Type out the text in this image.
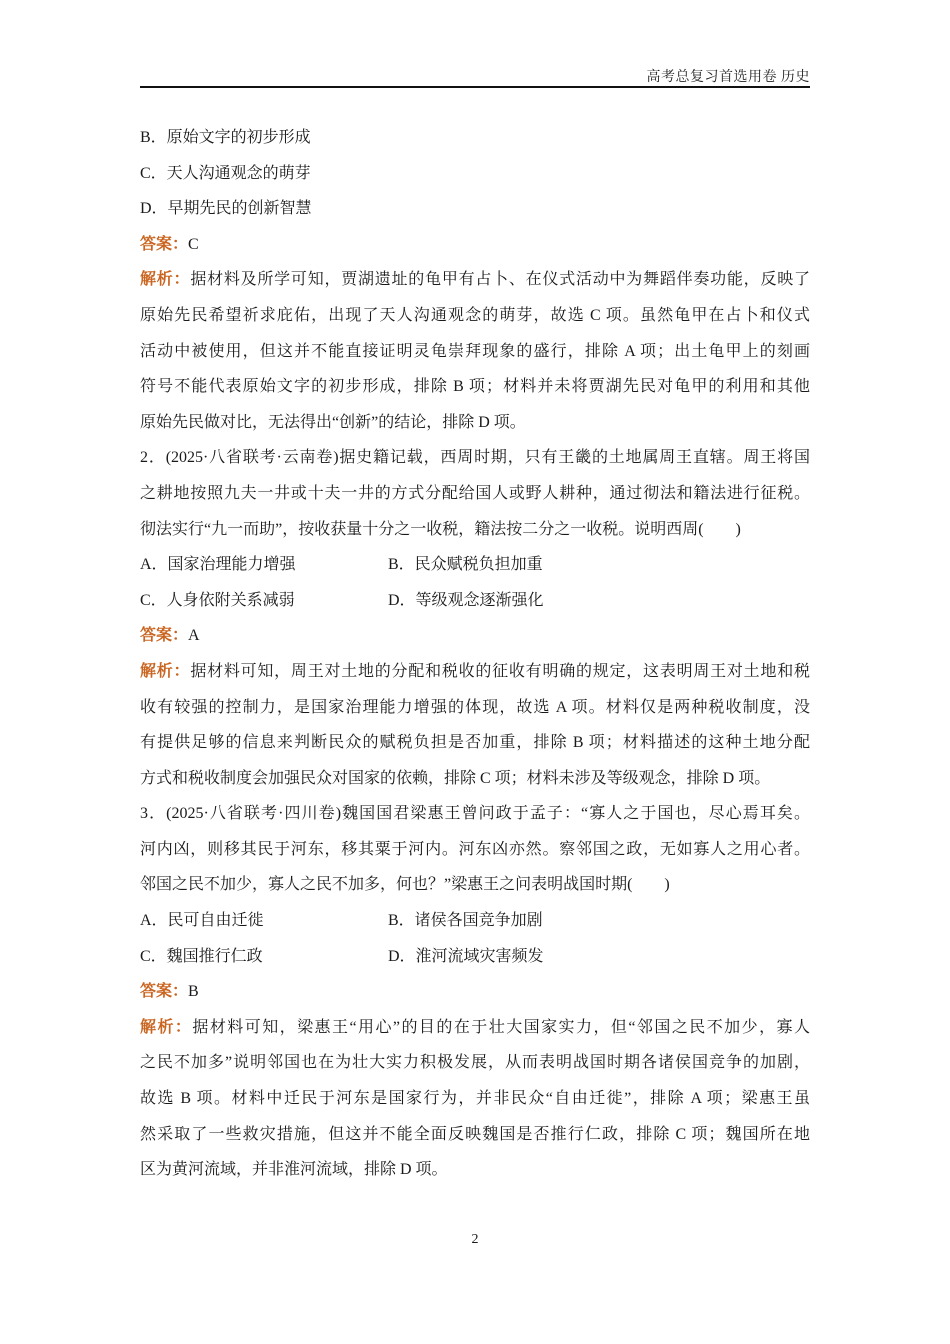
高考总复习首选用卷 历史
B．原始文字的初步形成
C．天人沟通观念的萌芽
D．早期先民的创新智慧
答案：C
解析：据材料及所学可知，贾湖遗址的龟甲有占卜、在仪式活动中为舞蹈伴奏功能，反映了
原始先民希望祈求庇佑，出现了天人沟通观念的萌芽，故选 C 项。虽然龟甲在占卜和仪式
活动中被使用，但这并不能直接证明灵龟崇拜现象的盛行，排除 A 项；出土龟甲上的刻画
符号不能代表原始文字的初步形成，排除 B 项；材料并未将贾湖先民对龟甲的利用和其他
原始先民做对比，无法得出“创新”的结论，排除 D 项。
2．(2025·八省联考·云南卷)据史籍记载，西周时期，只有王畿的土地属周王直辖。周王将国
之耕地按照九夫一井或十夫一井的方式分配给国人或野人耕种，通过彻法和籍法进行征税。
彻法实行“九一而助”，按收获量十分之一收税，籍法按二分之一收税。说明西周(　　)
A．国家治理能力增强	B．民众赋税负担加重
C．人身依附关系减弱	D．等级观念逐渐强化
答案：A
解析：据材料可知，周王对土地的分配和税收的征收有明确的规定，这表明周王对土地和税
收有较强的控制力，是国家治理能力增强的体现，故选 A 项。材料仅是两种税收制度，没
有提供足够的信息来判断民众的赋税负担是否加重，排除 B 项；材料描述的这种土地分配
方式和税收制度会加强民众对国家的依赖，排除 C 项；材料未涉及等级观念，排除 D 项。
3．(2025·八省联考·四川卷)魏国国君梁惠王曾问政于孟子：“寡人之于国也，尽心焉耳矣。
河内凶，则移其民于河东，移其粟于河内。河东凶亦然。察邻国之政，无如寡人之用心者。
邻国之民不加少，寡人之民不加多，何也？”梁惠王之问表明战国时期(　　)
A．民可自由迁徙	B．诸侯各国竞争加剧
C．魏国推行仁政	D．淮河流域灾害频发
答案：B
解析：据材料可知，梁惠王“用心”的目的在于壮大国家实力，但“邻国之民不加少，寡人
之民不加多”说明邻国也在为壮大实力积极发展，从而表明战国时期各诸侯国竞争的加剧，
故选 B 项。材料中迁民于河东是国家行为，并非民众“自由迁徙”，排除 A 项；梁惠王虽
然采取了一些救灾措施，但这并不能全面反映魏国是否推行仁政，排除 C 项；魏国所在地
区为黄河流域，并非淮河流域，排除 D 项。
2
